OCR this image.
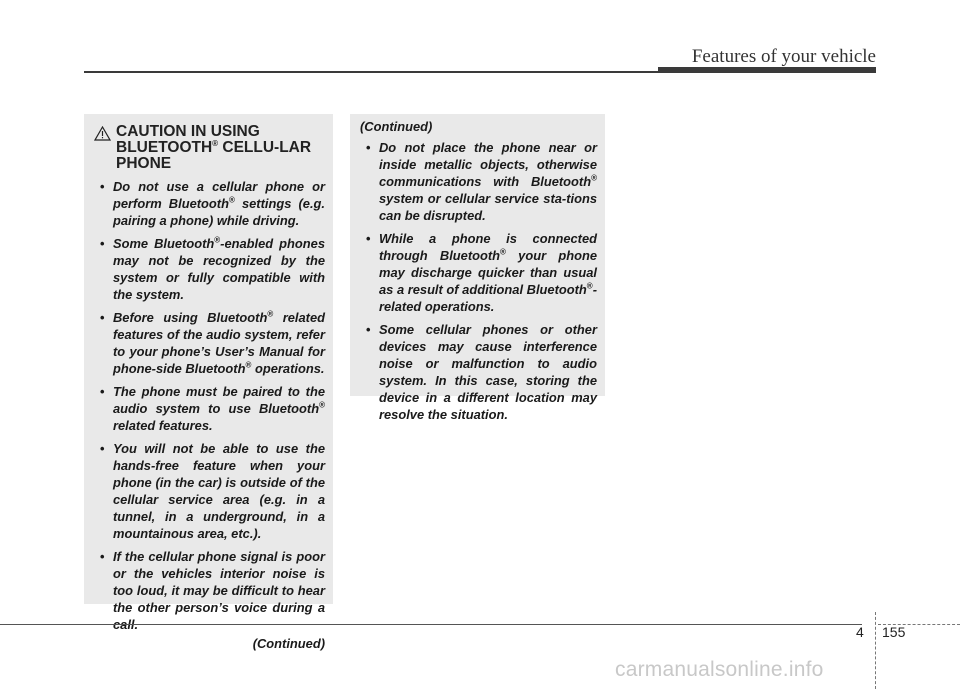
Features of your vehicle
CAUTION IN USING BLUETOOTH® CELLU-LAR PHONE
• Do not use a cellular phone or perform Bluetooth® settings (e.g. pairing a phone) while driving.
• Some Bluetooth®-enabled phones may not be recognized by the system or fully compatible with the system.
• Before using Bluetooth® related features of the audio system, refer to your phone’s User’s Manual for phone-side Bluetooth® operations.
• The phone must be paired to the audio system to use Bluetooth® related features.
• You will not be able to use the hands-free feature when your phone (in the car) is outside of the cellular service area (e.g. in a tunnel, in a underground, in a mountainous area, etc.).
• If the cellular phone signal is poor or the vehicles interior noise is too loud, it may be difficult to hear the other person’s voice during a call.
(Continued)
(Continued)
• Do not place the phone near or inside metallic objects, otherwise communications with Bluetooth® system or cellular service sta-tions can be disrupted.
• While a phone is connected through Bluetooth® your phone may discharge quicker than usual as a result of additional Bluetooth®-related operations.
• Some cellular phones or other devices may cause interference noise or malfunction to audio system. In this case, storing the device in a different location may resolve the situation.
4 155
carmanualsonline.info
